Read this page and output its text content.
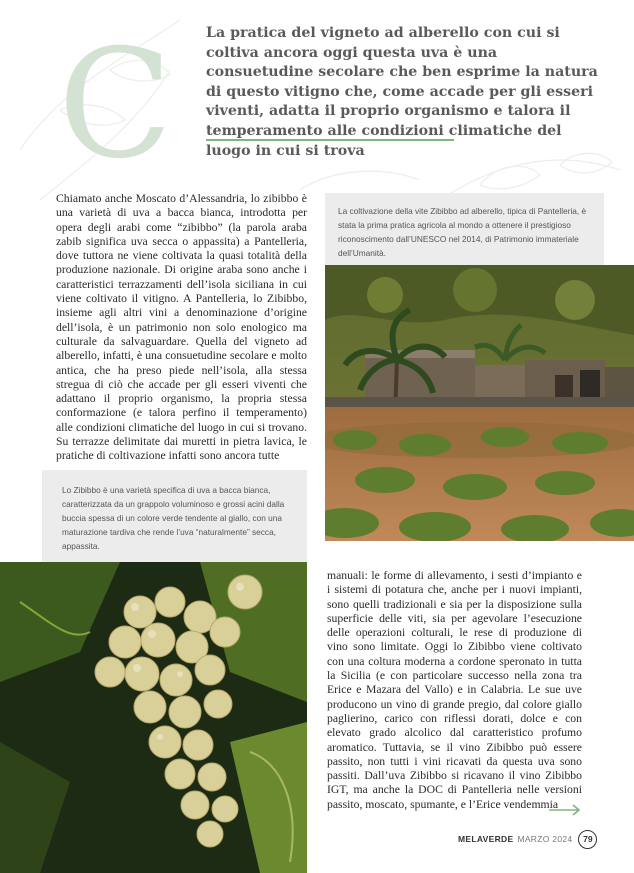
C La pratica del vigneto ad alberello con cui si coltiva ancora oggi questa uva è una consuetudine secolare che ben esprime la natura di questo vitigno che, come accade per gli esseri viventi, adatta il proprio organismo e talora il temperamento alle condizioni climatiche del luogo in cui si trova

Chiamato anche Moscato d’Alessandria, lo zibibbo è una varietà di uva a bacca bianca, introdotta per opera degli arabi come “zibibbo” (la parola araba zabib significa uva secca o appassita) a Pantelleria, dove tuttora ne viene coltivata la quasi totalità della produzione nazionale. Di origine araba sono anche i caratteristici terrazzamenti dell’isola siciliana in cui viene coltivato il vitigno. A Pantelleria, lo Zibibbo, insieme agli altri vini a denominazione d’origine dell’isola, è un patrimonio non solo enologico ma culturale da salvaguardare. Quella del vigneto ad alberello, infatti, è una consuetudine secolare e molto antica, che ha preso piede nell’isola, alla stessa stregua di ciò che accade per gli esseri viventi che adattano il proprio organismo, la propria stessa conformazione (e talora perfino il temperamento) alle condizioni climatiche del luogo in cui si trovano. Su terrazze delimitate dai muretti in pietra lavica, le pratiche di coltivazione infatti sono ancora tutte

La coltivazione della vite Zibibbo ad alberello, tipica di Pantelleria, è stata la prima pratica agricola al mondo a ottenere il prestigioso riconoscimento dall’UNESCO nel 2014, di Patrimonio immateriale dell’Umanità.

Lo Zibibbo è una varietà specifica di uva a bacca bianca, caratterizzata da un grappolo voluminoso e grossi acini dalla buccia spessa di un colore verde tendente al giallo, con una maturazione tardiva che rende l’uva “naturalmente” secca, appassita.

manuali: le forme di allevamento, i sesti d’impianto e i sistemi di potatura che, anche per i nuovi impianti, sono quelli tradizionali e sia per la disposizione sulla superficie delle viti, sia per agevolare l’esecuzione delle operazioni colturali, le rese di produzione di vino sono limitate. Oggi lo Zibibbo viene coltivato con una coltura moderna a cordone speronato in tutta la Sicilia (e con particolare successo nella zona tra Erice e Mazara del Vallo) e in Calabria. Le sue uve producono un vino di grande pregio, dal colore giallo paglierino, carico con riflessi dorati, dolce e con elevato grado alcolico dal caratteristico profumo aromatico. Tuttavia, se il vino Zibibbo può essere passito, non tutti i vini ricavati da questa uva sono passiti. Dall’uva Zibibbo si ricavano il vino Zibibbo IGT, ma anche la DOC di Pantelleria nelle versioni passito, moscato, spumante, e l’Erice vendemmia

MELAVERDE MARZO 2024	79
